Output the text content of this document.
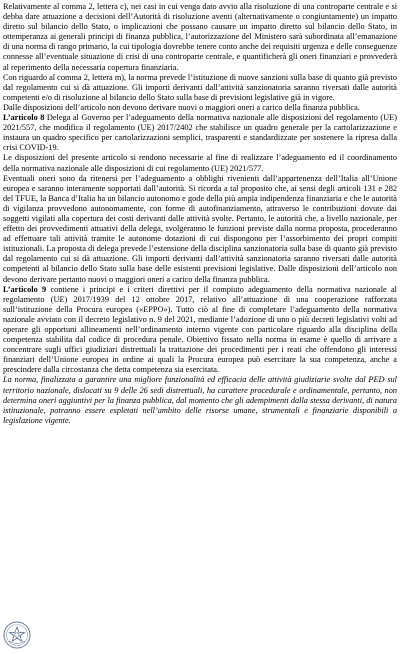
Relativamente al comma 2, lettera c), nei casi in cui venga dato avvio alla risoluzione di una controparte centrale e si debba dare attuazione a decisioni dell’Autorità di risoluzione aventi (alternativamente o congiuntamente) un impatto diretto sul bilancio dello Stato, o implicazioni che possano causare un impatto diretto sul bilancio dello Stato, in ottemperanza ai generali principi di finanza pubblica, l’autorizzazione del Ministero sarà subordinata all’emanazione di una norma di rango primario, la cui tipologia dovrebbe tenere conto anche dei requisiti urgenza e delle conseguenze connesse all’eventuale situazione di crisi di una controparte centrale, e quantificherà gli oneri finanziari e provvederà al reperimento della necessaria copertura finanziaria.

Con riguardo al comma 2, lettera m), la norma prevede l’istituzione di nuove sanzioni sulla base di quanto già previsto dal regolamento cui si dà attuazione. Gli importi derivanti dall’attività sanzionatoria saranno riversati dalle autorità competenti e/o di risoluzione al bilancio dello Stato sulla base di previsioni legislative già in vigore.

Dalle disposizioni dell’articolo non devono derivare nuovi o maggiori oneri a carico della finanza pubblica.

L’articolo 8 Delega al Governo per l’adeguamento della normativa nazionale alle disposizioni del regolamento (UE) 2021/557, che modifica il regolamento (UE) 2017/2402 che stabilisce un quadro generale per la cartolarizzazione e instaura un quadro specifico per cartolarizzazioni semplici, trasparenti e standardizzate per sostenere la ripresa dalla crisi COVID-19.

Le disposizioni del presente articolo si rendono necessarie al fine di realizzare l’adeguamento ed il coordinamento della normativa nazionale alle disposizioni di cui regolamento (UE) 2021/577.

Eventuali oneri sono da ritenersi per l’adeguamento a obblighi rivenienti dall’appartenenza dell’Italia all’Unione europea e saranno interamente sopportati dall’autorità. Si ricorda a tal proposito che, ai sensi degli articoli 131 e 282 del TFUE, la Banca d’Italia ha un bilancio autonomo e gode della più ampia indipendenza finanziaria e che le autorità di vigilanza provvedono autonomamente, con forme di autofinanziamento, attraverso le contribuzioni dovute dai soggetti vigilati alla copertura dei costi derivanti dalle attività svolte. Pertanto, le autorità che, a livello nazionale, per effetto dei provvedimenti attuativi della delega, svolgeranno le funzioni previste dalla norma proposta, procederanno ad effettuare tali attività tramite le autonome dotazioni di cui dispongono per l’assorbimento dei propri compiti istituzionali. La proposta di delega prevede l’estensione della disciplina sanzionatoria sulla base di quanto già previsto dal regolamento cui si dà attuazione. Gli importi derivanti dall’attività sanzionatoria saranno riversati dalle autorità competenti al bilancio dello Stato sulla base delle esistenti previsioni legislative. Dalle disposizioni dell’articolo non devono derivare pertanto nuovi o maggiori oneri a carico della finanza pubblica.

L’articolo 9 contiene i principi e i criteri direttivi per il compiuto adeguamento della normativa nazionale al regolamento (UE) 2017/1939 del 12 ottobre 2017, relativo all’attuazione di una cooperazione rafforzata sull’istituzione della Procura europea («EPPO»). Tutto ciò al fine di completare l’adeguamento della normativa nazionale avviato con il decreto legislativo n. 9 del 2021, mediante l’adozione di uno o più decreti legislativi volti ad operare gli opportuni allineamenti nell’ordinamento interno vigente con particolare riguardo alla disciplina della competenza stabilita dal codice di procedura penale. Obiettivo fissato nella norma in esame è quello di arrivare a concentrare sugli uffici giudiziari distrettuali la trattazione dei procedimenti per i reati che offendono gli interessi finanziari dell’Unione europea in ordine ai quali la Procura europea può esercitare la sua competenza, anche a prescindere dalla circostanza che detta competenza sia esercitata.

La norma, finalizzata a garantire una migliore funzionalità ed efficacia delle attività giudiziarie svolte dal PED sul territorio nazionale, dislocati su 9 delle 26 sedi distrettuali, ha carattere procedurale e ordinamentale, pertanto, non determina oneri aggiuntivi per la finanza pubblica, dal momento che gli adempimenti dalla stessa derivanti, di natura istituzionale, potranno essere espletati nell’ambito delle risorse umane, strumentali e finanziarie disponibili a legislazione vigente.
